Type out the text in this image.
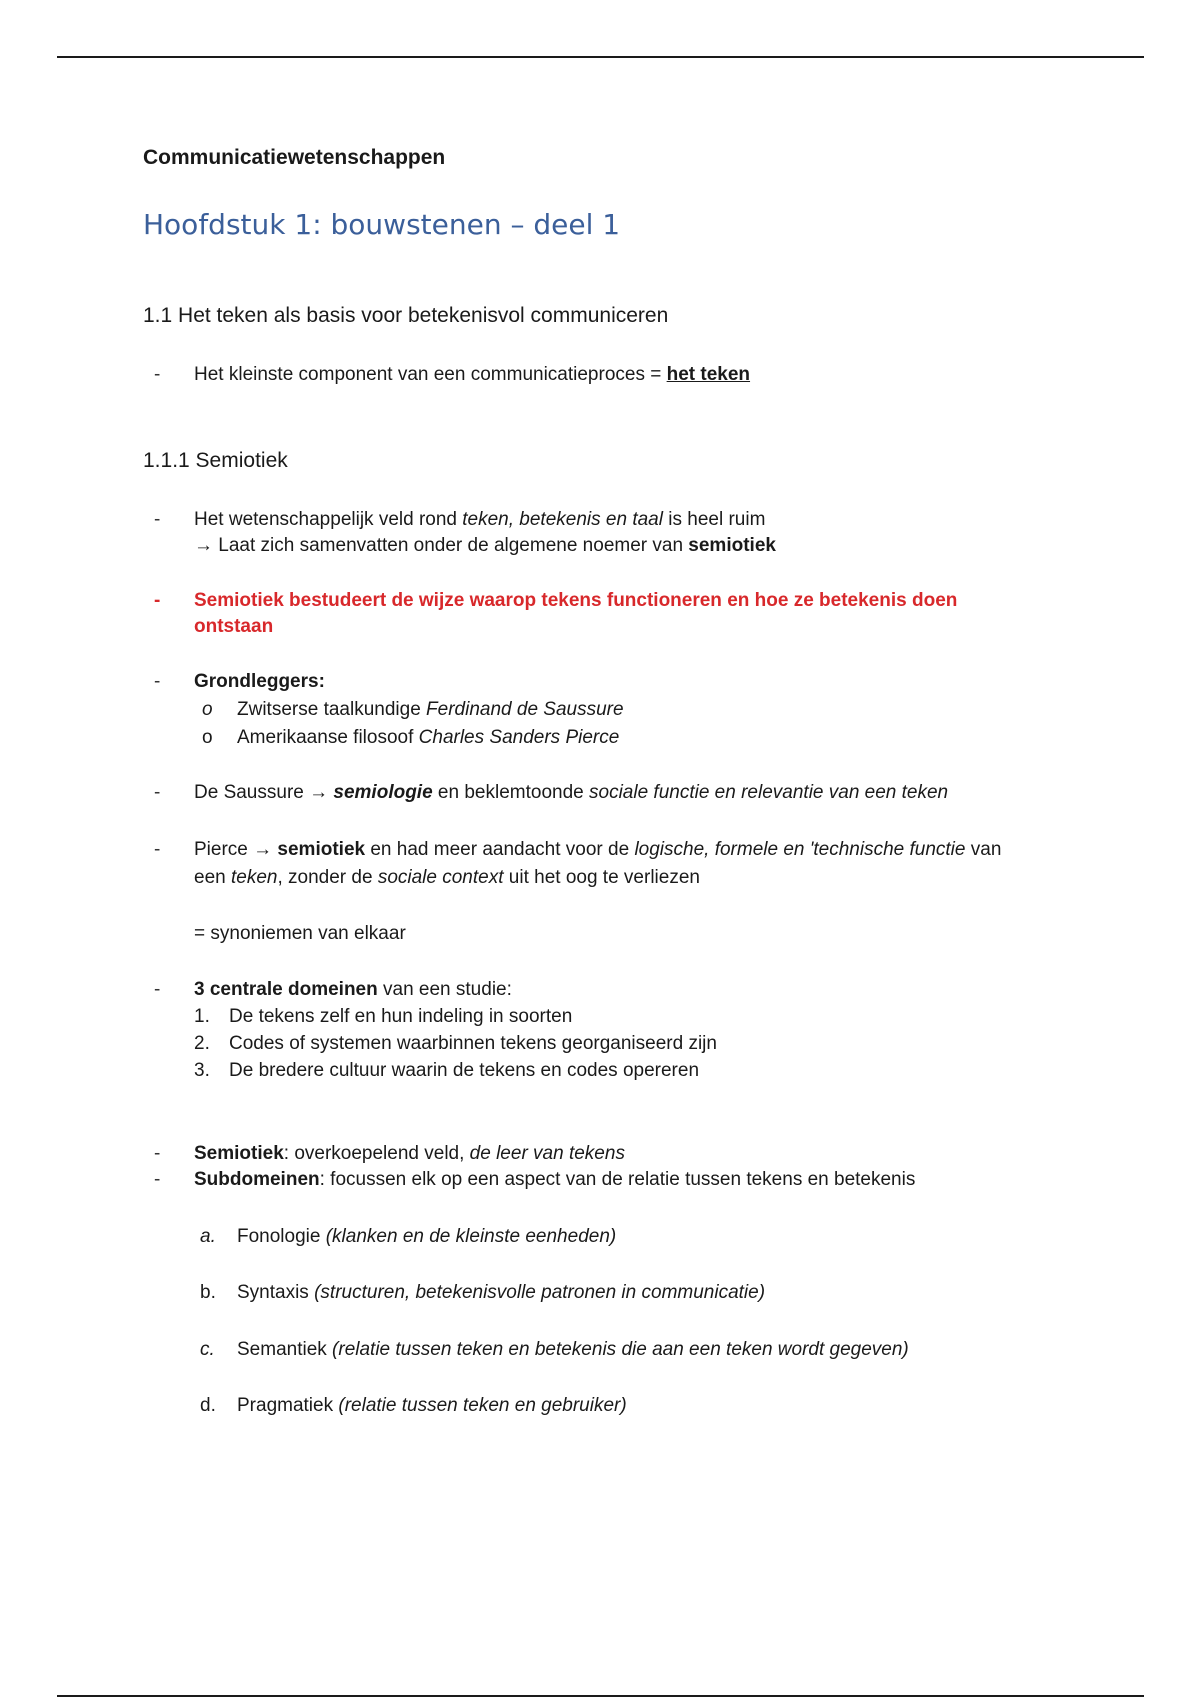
Communicatiewetenschappen
Hoofdstuk 1: bouwstenen – deel 1
1.1 Het teken als basis voor betekenisvol communiceren
- Het kleinste component van een communicatieproces = het teken
1.1.1 Semiotiek
- Het wetenschappelijk veld rond teken, betekenis en taal is heel ruim
→ Laat zich samenvatten onder de algemene noemer van semiotiek
- Semiotiek bestudeert de wijze waarop tekens functioneren en hoe ze betekenis doen
ontstaan
- Grondleggers:
o Zwitserse taalkundige Ferdinand de Saussure
o Amerikaanse filosoof Charles Sanders Pierce
- De Saussure → semiologie en beklemtoonde sociale functie en relevantie van een teken
- Pierce → semiotiek en had meer aandacht voor de logische, formele en 'technische functie van
een teken, zonder de sociale context uit het oog te verliezen
= synoniemen van elkaar
- 3 centrale domeinen van een studie:
1. De tekens zelf en hun indeling in soorten
2. Codes of systemen waarbinnen tekens georganiseerd zijn
3. De bredere cultuur waarin de tekens en codes opereren
- Semiotiek: overkoepelend veld, de leer van tekens
- Subdomeinen: focussen elk op een aspect van de relatie tussen tekens en betekenis
a. Fonologie (klanken en de kleinste eenheden)
b. Syntaxis (structuren, betekenisvolle patronen in communicatie)
c. Semantiek (relatie tussen teken en betekenis die aan een teken wordt gegeven)
d. Pragmatiek (relatie tussen teken en gebruiker)
